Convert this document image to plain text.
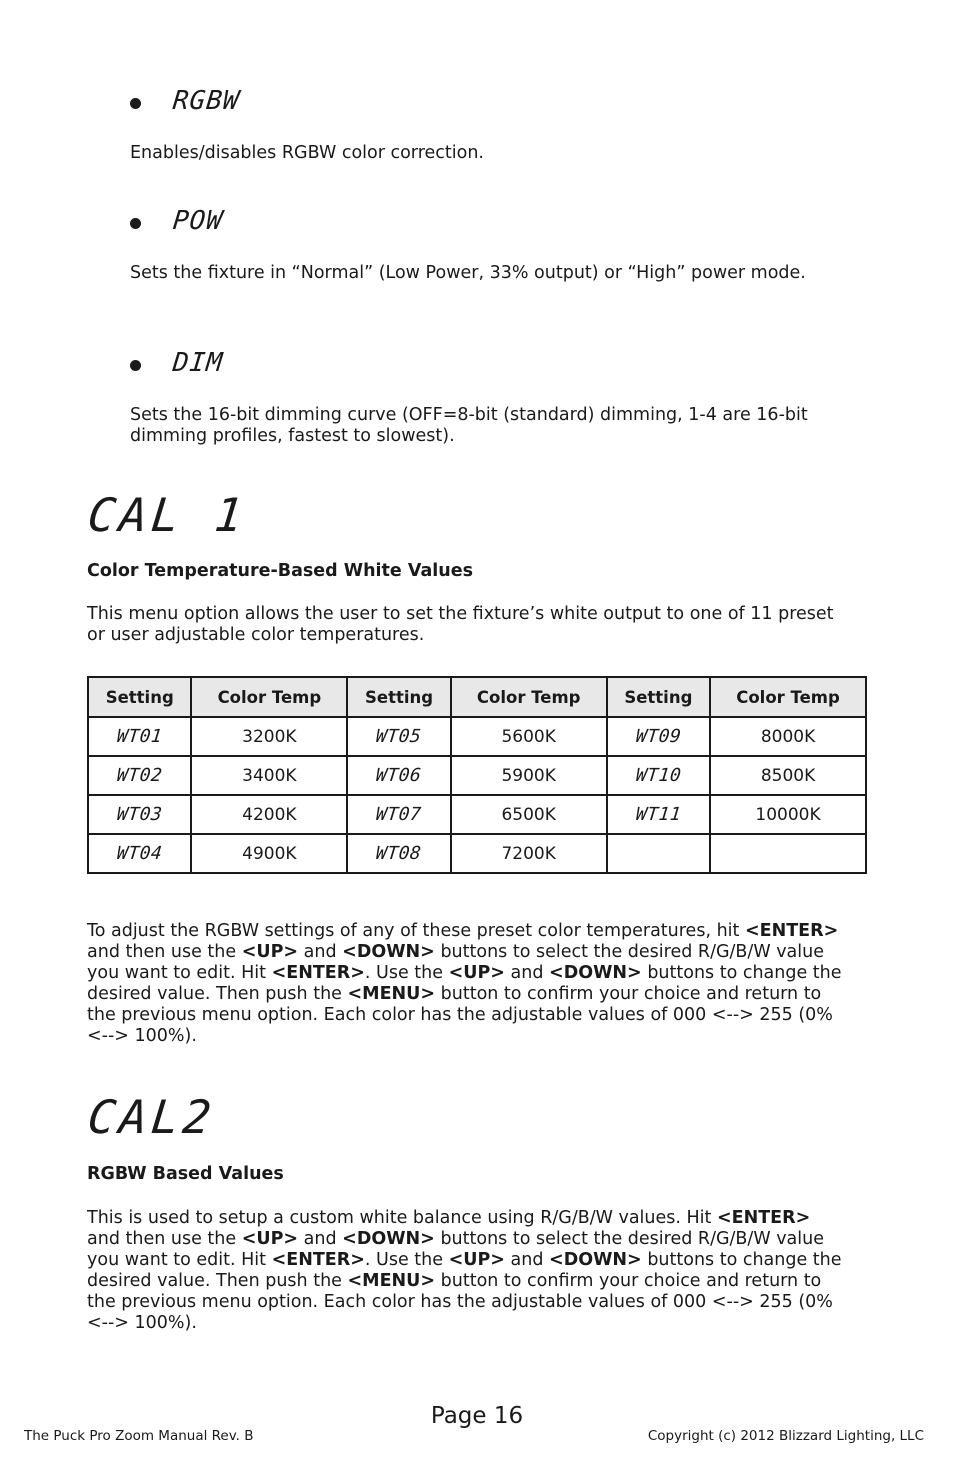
RGBW

Enables/disables RGBW color correction.

POW

Sets the fixture in “Normal” (Low Power, 33% output) or “High” power mode.

DIM

Sets the 16-bit dimming curve (OFF=8-bit (standard) dimming, 1-4 are 16-bit dimming profiles, fastest to slowest).

CAL 1

Color Temperature-Based White Values

This menu option allows the user to set the fixture’s white output to one of 11 preset or user adjustable color temperatures.

Setting	Color Temp	Setting	Color Temp	Setting	Color Temp
WT01	3200K	WT05	5600K	WT09	8000K
WT02	3400K	WT06	5900K	WT10	8500K
WT03	4200K	WT07	6500K	WT11	10000K
WT04	4900K	WT08	7200K		

To adjust the RGBW settings of any of these preset color temperatures, hit <ENTER> and then use the <UP> and <DOWN> buttons to select the desired R/G/B/W value you want to edit. Hit <ENTER>. Use the <UP> and <DOWN> buttons to change the desired value. Then push the <MENU> button to confirm your choice and return to the previous menu option. Each color has the adjustable values of 000 <--> 255 (0% <--> 100%).

CAL2

RGBW Based Values

This is used to setup a custom white balance using R/G/B/W values. Hit <ENTER> and then use the <UP> and <DOWN> buttons to select the desired R/G/B/W value you want to edit. Hit <ENTER>. Use the <UP> and <DOWN> buttons to change the desired value. Then push the <MENU> button to confirm your choice and return to the previous menu option. Each color has the adjustable values of 000 <--> 255 (0% <--> 100%).

Page 16
The Puck Pro Zoom Manual Rev. B	Copyright (c) 2012 Blizzard Lighting, LLC
